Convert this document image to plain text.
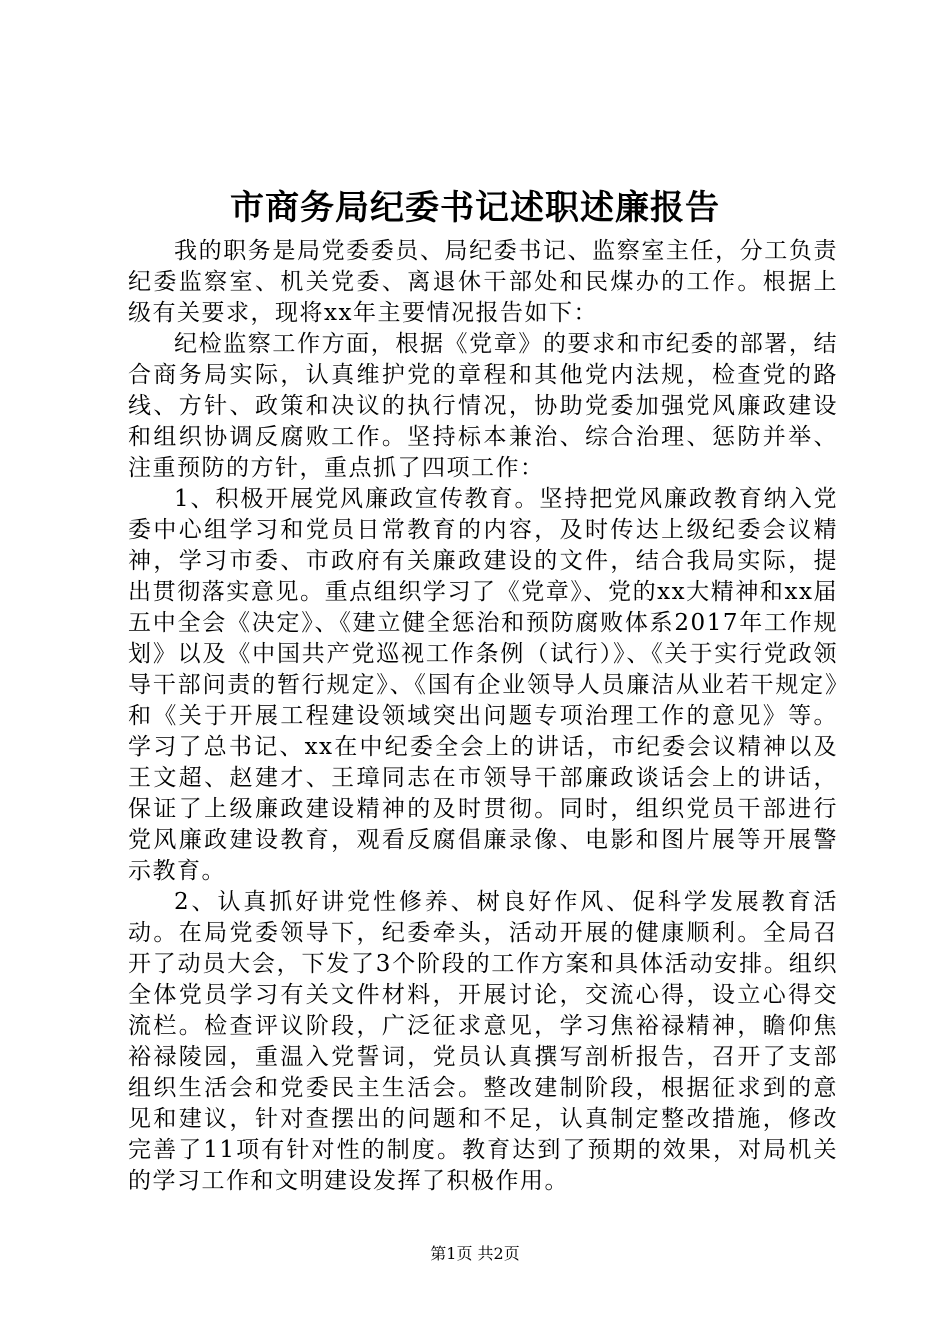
市商务局纪委书记述职述廉报告

我的职务是局党委委员、局纪委书记、监察室主任，分工负责纪委监察室、机关党委、离退休干部处和民煤办的工作。根据上级有关要求，现将xx年主要情况报告如下：

纪检监察工作方面，根据《党章》的要求和市纪委的部署，结合商务局实际，认真维护党的章程和其他党内法规，检查党的路线、方针、政策和决议的执行情况，协助党委加强党风廉政建设和组织协调反腐败工作。坚持标本兼治、综合治理、惩防并举、注重预防的方针，重点抓了四项工作：

1、积极开展党风廉政宣传教育。坚持把党风廉政教育纳入党委中心组学习和党员日常教育的内容，及时传达上级纪委会议精神，学习市委、市政府有关廉政建设的文件，结合我局实际，提出贯彻落实意见。重点组织学习了《党章》、党的xx大精神和xx届五中全会《决定》、《建立健全惩治和预防腐败体系2017年工作规划》以及《中国共产党巡视工作条例（试行）》、《关于实行党政领导干部问责的暂行规定》、《国有企业领导人员廉洁从业若干规定》和《关于开展工程建设领域突出问题专项治理工作的意见》等。学习了总书记、xx在中纪委全会上的讲话，市纪委会议精神以及王文超、赵建才、王璋同志在市领导干部廉政谈话会上的讲话，保证了上级廉政建设精神的及时贯彻。同时，组织党员干部进行党风廉政建设教育，观看反腐倡廉录像、电影和图片展等开展警示教育。

2、认真抓好讲党性修养、树良好作风、促科学发展教育活动。在局党委领导下，纪委牵头，活动开展的健康顺利。全局召开了动员大会，下发了3个阶段的工作方案和具体活动安排。组织全体党员学习有关文件材料，开展讨论，交流心得，设立心得交流栏。检查评议阶段，广泛征求意见，学习焦裕禄精神，瞻仰焦裕禄陵园，重温入党誓词，党员认真撰写剖析报告，召开了支部组织生活会和党委民主生活会。整改建制阶段，根据征求到的意见和建议，针对查摆出的问题和不足，认真制定整改措施，修改完善了11项有针对性的制度。教育达到了预期的效果，对局机关的学习工作和文明建设发挥了积极作用。

第1页 共2页
